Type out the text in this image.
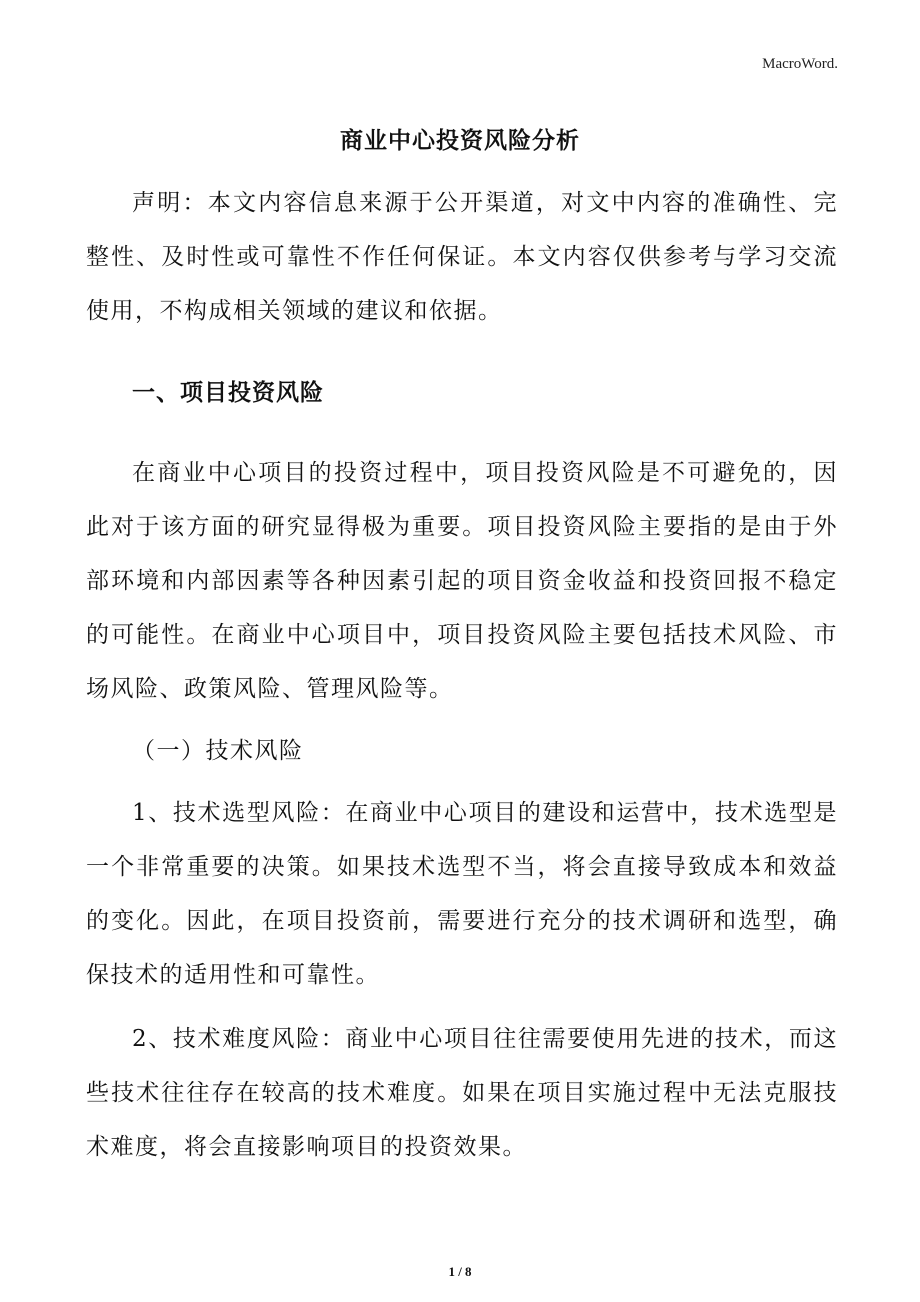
MacroWord.
商业中心投资风险分析

声明：本文内容信息来源于公开渠道，对文中内容的准确性、完整性、及时性或可靠性不作任何保证。本文内容仅供参考与学习交流使用，不构成相关领域的建议和依据。

一、项目投资风险

在商业中心项目的投资过程中，项目投资风险是不可避免的，因此对于该方面的研究显得极为重要。项目投资风险主要指的是由于外部环境和内部因素等各种因素引起的项目资金收益和投资回报不稳定的可能性。在商业中心项目中，项目投资风险主要包括技术风险、市场风险、政策风险、管理风险等。

（一）技术风险

1、技术选型风险：在商业中心项目的建设和运营中，技术选型是一个非常重要的决策。如果技术选型不当，将会直接导致成本和效益的变化。因此，在项目投资前，需要进行充分的技术调研和选型，确保技术的适用性和可靠性。

2、技术难度风险：商业中心项目往往需要使用先进的技术，而这些技术往往存在较高的技术难度。如果在项目实施过程中无法克服技术难度，将会直接影响项目的投资效果。

1 / 8
